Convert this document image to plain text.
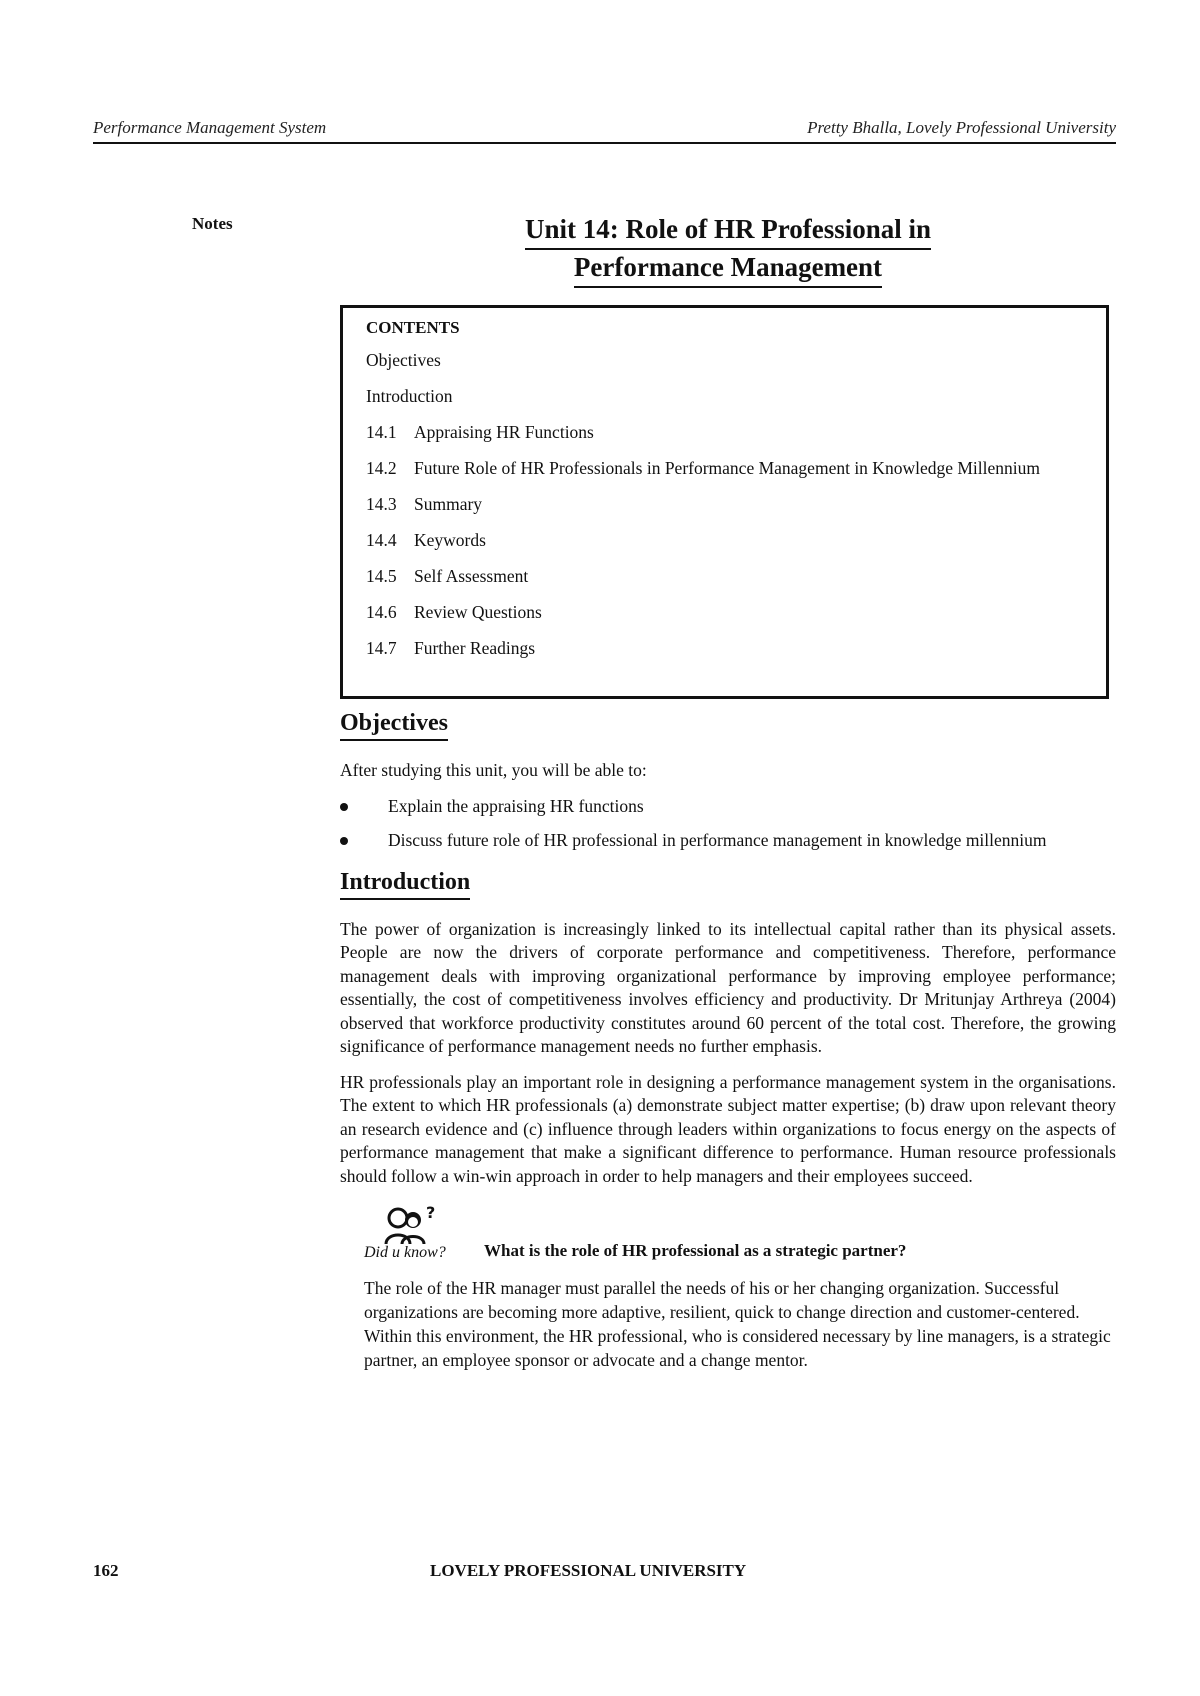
Performance Management System	Pretty Bhalla, Lovely Professional University
Notes	Unit 14: Role of HR Professional in
Performance Management
CONTENTS
Objectives
Introduction
14.1 Appraising HR Functions
14.2 Future Role of HR Professionals in Performance Management in Knowledge Millennium
14.3 Summary
14.4 Keywords
14.5 Self Assessment
14.6 Review Questions
14.7 Further Readings
Objectives

After studying this unit, you will be able to:

Explain the appraising HR functions
Discuss future role of HR professional in performance management in knowledge millennium
Introduction

The power of organization is increasingly linked to its intellectual capital rather than its physical assets. People are now the drivers of corporate performance and competitiveness. Therefore, performance management deals with improving organizational performance by improving employee performance; essentially, the cost of competitiveness involves efficiency and productivity. Dr Mritunjay Arthreya (2004) observed that workforce productivity constitutes around 60 percent of the total cost. Therefore, the growing significance of performance management needs no further emphasis.

HR professionals play an important role in designing a performance management system in the organisations. The extent to which HR professionals (a) demonstrate subject matter expertise; (b) draw upon relevant theory an research evidence and (c) influence through leaders within organizations to focus energy on the aspects of performance management that make a significant difference to performance. Human resource professionals should follow a win-win approach in order to help managers and their employees succeed.

?
Did u know? What is the role of HR professional as a strategic partner?
The role of the HR manager must parallel the needs of his or her changing organization. Successful organizations are becoming more adaptive, resilient, quick to change direction and customer-centered. Within this environment, the HR professional, who is considered necessary by line managers, is a strategic partner, an employee sponsor or advocate and a change mentor.
162	LOVELY PROFESSIONAL UNIVERSITY
